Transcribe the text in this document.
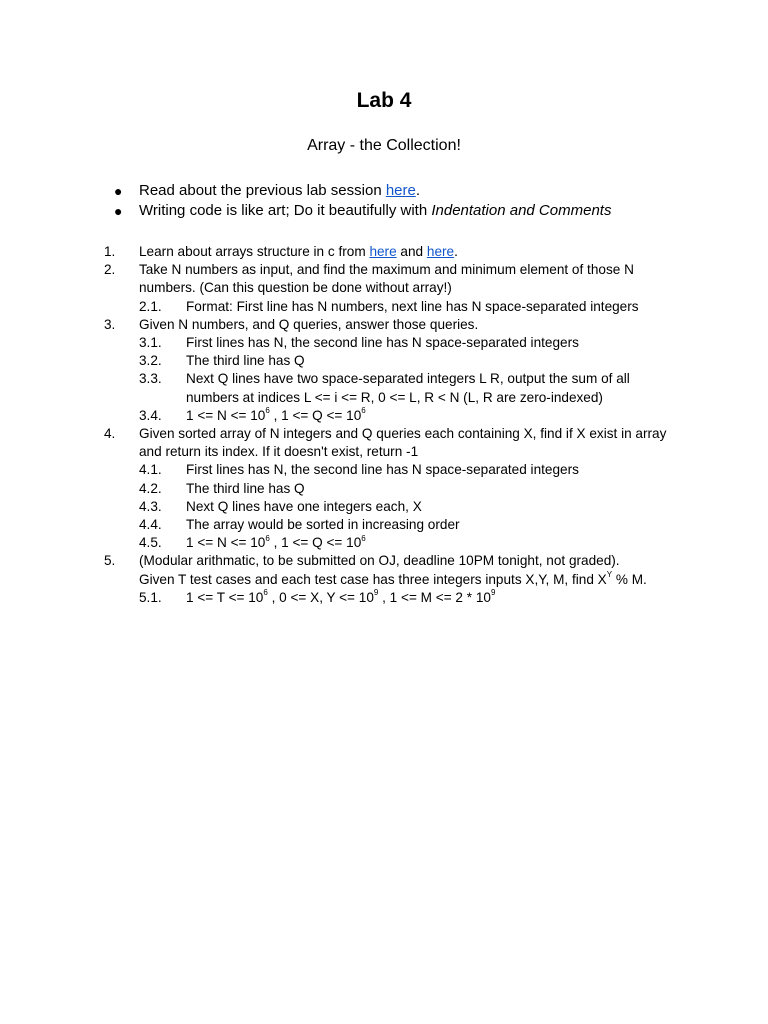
Lab 4
Array - the Collection!
● Read about the previous lab session here.
● Writing code is like art; Do it beautifully with Indentation and Comments
1. Learn about arrays structure in c from here and here.
2. Take N numbers as input, and find the maximum and minimum element of those N numbers. (Can this question be done without array!)
2.1. Format: First line has N numbers, next line has N space-separated integers
3. Given N numbers, and Q queries, answer those queries.
3.1. First lines has N, the second line has N space-separated integers
3.2. The third line has Q
3.3. Next Q lines have two space-separated integers L R, output the sum of all numbers at indices L <= i <= R, 0 <= L, R < N (L, R are zero-indexed)
3.4. $1 <= N <= 10^6$ , $1 <= Q <= 10^6$
4. Given sorted array of N integers and Q queries each containing X, find if X exist in array and return its index. If it doesn't exist, return -1
4.1. First lines has N, the second line has N space-separated integers
4.2. The third line has Q
4.3. Next Q lines have one integers each, X
4.4. The array would be sorted in increasing order
4.5. $1 <= N <= 10^6$ , $1 <= Q <= 10^6$
5. (Modular arithmatic, to be submitted on OJ, deadline 10PM tonight, not graded).
Given T test cases and each test case has three integers inputs X,Y, M, find $X^Y$ % M.
5.1. $1 <= T <= 10^6$ , 0 <= X, $Y <= 10^9$ , $1 <= M <= 2 * 10^9$
